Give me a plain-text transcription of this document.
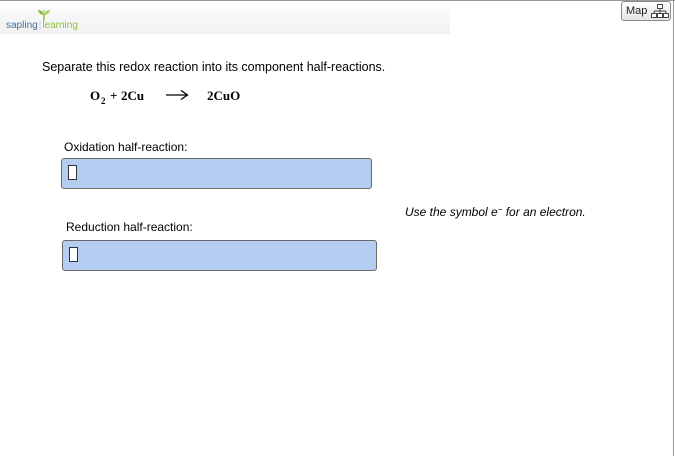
sapling|learning
Map
Separate this redox reaction into its component half-reactions.
O 2 + 2Cu → 2CuO
Oxidation half-reaction:
Use the symbol e− for an electron.
Reduction half-reaction:
